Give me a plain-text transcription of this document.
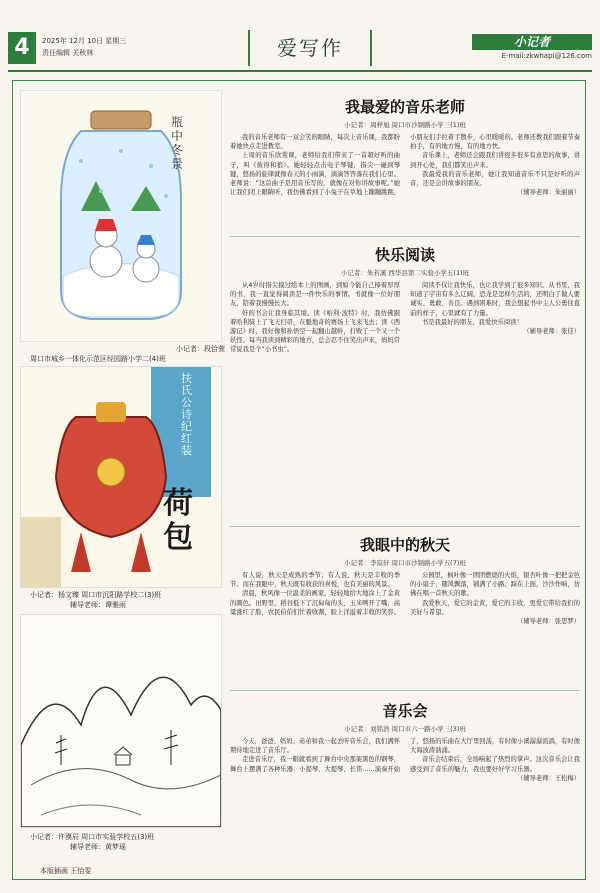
4	2025年 12月 10日 星期三
责任编辑 关秋林	爱写作	小记者
E-mail:zkwhapl@126.com
瓶中冬景
小记者：段恰萱
周口市城乡一体化示范区经园路小学二(4)班
荷包
扶氏公诗纪 红装
小记者：杨文臻 周口市沉阳路学校二(3)班
辅导老师：谭雅雨
小记者：许漠辰 周口市实验学校五(3)班
辅导老师：黄梦瑶
本版插画 王怡雯
我最爱的音乐老师
小记者：周梓旭 周口市沙颍路小学三(1)班

我的音乐老师有一双会笑的眼睛，每次上音乐课，我都盼着她快点走进教室。

上周的音乐欣赏课，老师给我们带来了一首超好听的曲子，叫《彼得和狼》。她轻轻点击电子琴键，指尖一碰到琴键，悠扬的旋律就像春天的小雨滴，滴滴答答落在我们心里。老师说：“这首曲子是用音乐写的，就像在对你讲故事呢。”她让我们闭上眼睛听，我仿佛看到了小兔子在草地上蹦蹦跳跳，小朋友们手拉着手散步，心里暖暖的。老师还教我们跟着节奏拍手，有的地方慢，有的地方快。

音乐课上，老师还会跟我们讲很多很多有意思的故事，讲到开心处，我们都笑出声来。

我最爱我的音乐老师，她让我知道音乐不只是好听的声音，还是会讲故事的朋友。

（辅导老师：朱丽丽）

快乐阅读
小记者：朱若溪 西华县第二实验小学五(1)班

从4岁时指尖摸过绘本上的图画，到如今能自己捧着厚厚的书，我一直觉得阅读是一件快乐的事情。书就像一位好朋友，陪着我慢慢长大。

好的书会让我身临其境。读《哈利·波特》时，我仿佛跟着哈利骑上了飞天扫帚，在魁地奇的赛场上飞来飞去；读《西游记》时，我好像和孙悟空一起翻山越岭，打败了一个又一个妖怪。每当我读到精彩的地方，总会忍不住笑出声来，妈妈常常说我是个“小书虫”。

阅读不仅让我快乐，也让我学到了很多知识。从书里，我知道了宇宙有多么辽阔，恐龙是怎样生活的，还明白了做人要诚实、勇敢、善良。遇到困难时，我会想起书中主人公勇往直前的样子，心里就有了力量。

书是我最好的朋友，我爱快乐阅读！

（辅导老师：张佳）

我眼中的秋天
小记者：李宸轩 周口市沙颍路小学五(7)班

有人说，秋天是成熟的季节；有人说，秋天是丰收的季节。而在我眼中，秋天既有收获的喜悦，也有美丽的风景。

清晨，秋风像一位温柔的画家，轻轻地给大地涂上了金黄的颜色。田野里，稻谷低下了沉甸甸的头，玉米咧开了嘴，高粱涨红了脸，农民伯伯们忙着收割，脸上洋溢着丰收的笑容。

公园里，枫叶像一团团燃烧的火焰，银杏叶像一把把金色的小扇子，随风飘落，铺满了小路。踩在上面，沙沙作响，仿佛在唱一首秋天的歌。

我爱秋天，爱它的金黄，爱它的丰收，更爱它带给我们的美好与希望。

（辅导老师：张思梦）

音乐会
小记者：刘铭浩 周口市六一路小学三(3)班

今天，爸爸、妈妈、弟弟和我一起去听音乐会，我们满怀期待地走进了音乐厅。

走进音乐厅，我一眼就看到了舞台中央那架黑色的钢琴，舞台上摆满了各种乐器：小提琴、大提琴、长笛……演奏开始了，悠扬的乐曲在大厅里回荡，有时像小溪潺潺流淌，有时像大海波涛汹涌。

音乐会结束后，全场响起了热烈的掌声。这次音乐会让我感受到了音乐的魅力，我也要好好学习乐器。

（辅导老师：王松梅）
